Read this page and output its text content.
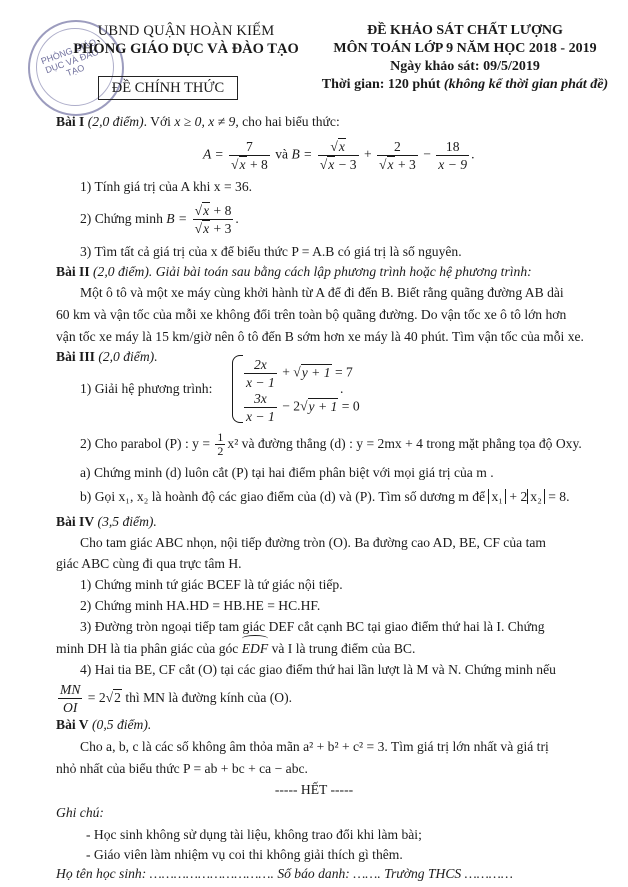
PHÒNG GIÁO DỤC VÀ ĐÀO TẠO
UBND QUẬN HOÀN KIẾM
PHÒNG GIÁO DỤC VÀ ĐÀO TẠO
ĐỀ CHÍNH THỨC
ĐỀ KHẢO SÁT CHẤT LƯỢNG
MÔN TOÁN LỚP 9 NĂM HỌC 2018 - 2019
Ngày khảo sát: 09/5/2019
Thời gian: 120 phút (không kể thời gian phát đề)
Bài I (2,0 điểm). Với x ≥ 0, x ≠ 9, cho hai biểu thức:
$A = \frac{7}{√x + 8}$ và $B = \frac{√x}{√x - 3} + \frac{2}{√x + 3} - \frac{18}{x - 9}$ .
1) Tính giá trị của A khi x = 36.
2) Chứng minh $B = \frac{√x + 8}{√x + 3}$ .
3) Tìm tất cả giá trị của x để biểu thức P = A.B có giá trị là số nguyên.
Bài II (2,0 điểm). Giải bài toán sau bằng cách lập phương trình hoặc hệ phương trình:
Một ô tô và một xe máy cùng khởi hành từ A để đi đến B. Biết rằng quãng đường AB dài
60 km và vận tốc của mỗi xe không đổi trên toàn bộ quãng đường. Do vận tốc xe ô tô lớn hơn
vận tốc xe máy là 15 km/giờ nên ô tô đến B sớm hơn xe máy là 40 phút. Tìm vận tốc của mỗi xe.
Bài III (2,0 điểm).
1) Giải hệ phương trình: $\frac{2x}{x - 1} + √y + 1 = 7$
$\frac{3x}{x - 1} - 2√y + 1 = 0$
.
2) Cho parabol (P) : $y = \frac{1}{2} x^2$ và đường thẳng (d) : y = 2mx + 4 trong mặt phẳng tọa độ Oxy.
a) Chứng minh (d) luôn cắt (P) tại hai điểm phân biệt với mọi giá trị của m .
b) Gọi x₁, x₂ là hoành độ các giao điểm của (d) và (P). Tìm số dương m để x₁ + 2 x₂ = 8.
Bài IV (3,5 điểm).
Cho tam giác ABC nhọn, nội tiếp đường tròn (O). Ba đường cao AD, BE, CF của tam
giác ABC cùng đi qua trực tâm H.
1) Chứng minh tứ giác BCEF là tứ giác nội tiếp.
2) Chứng minh HA.HD = HB.HE = HC.HF.
3) Đường tròn ngoại tiếp tam giác DEF cắt cạnh BC tại giao điểm thứ hai là I. Chứng
minh DH là tia phân giác của góc EDF và I là trung điểm của BC.
4) Hai tia BE, CF cắt (O) tại các giao điểm thứ hai lần lượt là M và N. Chứng minh nếu
$\frac{MN}{OI} = 2√2$ thì MN là đường kính của (O).
Bài V (0,5 điểm).
Cho a, b, c là các số không âm thỏa mãn a² + b² + c² = 3. Tìm giá trị lớn nhất và giá trị
nhỏ nhất của biểu thức P = ab + bc + ca − abc.
----- HẾT -----
Ghi chú:
- Học sinh không sử dụng tài liệu, không trao đổi khi làm bài;
- Giáo viên làm nhiệm vụ coi thi không giải thích gì thêm.
Họ tên học sinh: …………………………. Số báo danh: ……. Trường THCS …………
